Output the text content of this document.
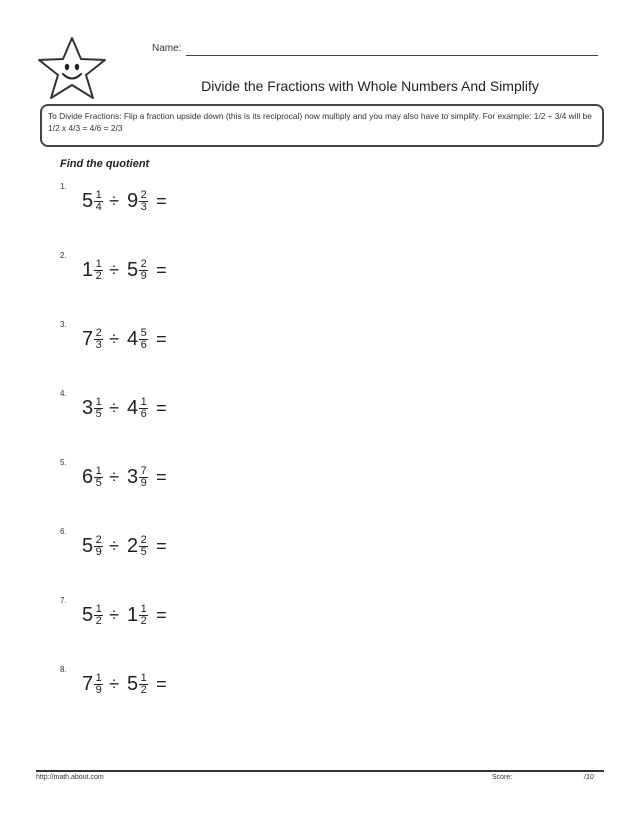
Name:
Divide the Fractions with Whole Numbers And Simplify
To Divide Fractions: Flip a fraction upside down (this is its reciprocal) now multiply and you may also have to simplify. For example: 1/2 ÷ 3/4 will be 1/2 x 4/3 = 4/6 = 2/3
Find the quotient
1.
$5 \frac{1}{4} \div 9 \frac{2}{3}$ =
2.
$1 \frac{1}{2} \div 5 \frac{2}{9}$ =
3.
$7 \frac{2}{3} \div 4 \frac{5}{6}$ =
4.
$3 \frac{1}{5} \div 4 \frac{1}{6}$ =
5.
$6 \frac{1}{5} \div 3 \frac{7}{9}$ =
6.
$5 \frac{2}{9} \div 2 \frac{2}{5}$ =
7.
$5 \frac{1}{2} \div 1 \frac{1}{2}$ =
8.
$7 \frac{1}{9} \div 5 \frac{1}{2}$ =
http://math.about.com	Score:	/10
